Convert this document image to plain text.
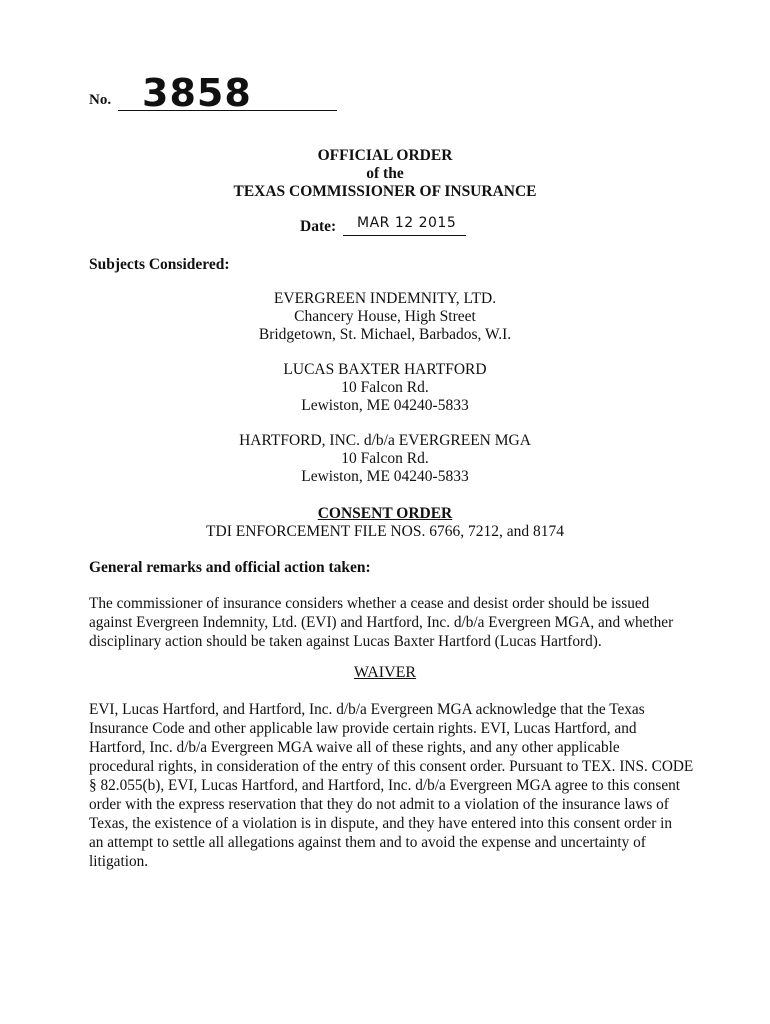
No. 3858
OFFICIAL ORDER
of the
TEXAS COMMISSIONER OF INSURANCE
Date: MAR 12 2015
Subjects Considered:
EVERGREEN INDEMNITY, LTD.
Chancery House, High Street
Bridgetown, St. Michael, Barbados, W.I.
LUCAS BAXTER HARTFORD
10 Falcon Rd.
Lewiston, ME 04240-5833
HARTFORD, INC. d/b/a EVERGREEN MGA
10 Falcon Rd.
Lewiston, ME 04240-5833
CONSENT ORDER
TDI ENFORCEMENT FILE NOS. 6766, 7212, and 8174
General remarks and official action taken:
The commissioner of insurance considers whether a cease and desist order should be issued
against Evergreen Indemnity, Ltd. (EVI) and Hartford, Inc. d/b/a Evergreen MGA, and whether
disciplinary action should be taken against Lucas Baxter Hartford (Lucas Hartford).
WAIVER
EVI, Lucas Hartford, and Hartford, Inc. d/b/a Evergreen MGA acknowledge that the Texas
Insurance Code and other applicable law provide certain rights. EVI, Lucas Hartford, and
Hartford, Inc. d/b/a Evergreen MGA waive all of these rights, and any other applicable
procedural rights, in consideration of the entry of this consent order. Pursuant to TEX. INS. CODE
§ 82.055(b), EVI, Lucas Hartford, and Hartford, Inc. d/b/a Evergreen MGA agree to this consent
order with the express reservation that they do not admit to a violation of the insurance laws of
Texas, the existence of a violation is in dispute, and they have entered into this consent order in
an attempt to settle all allegations against them and to avoid the expense and uncertainty of
litigation.
